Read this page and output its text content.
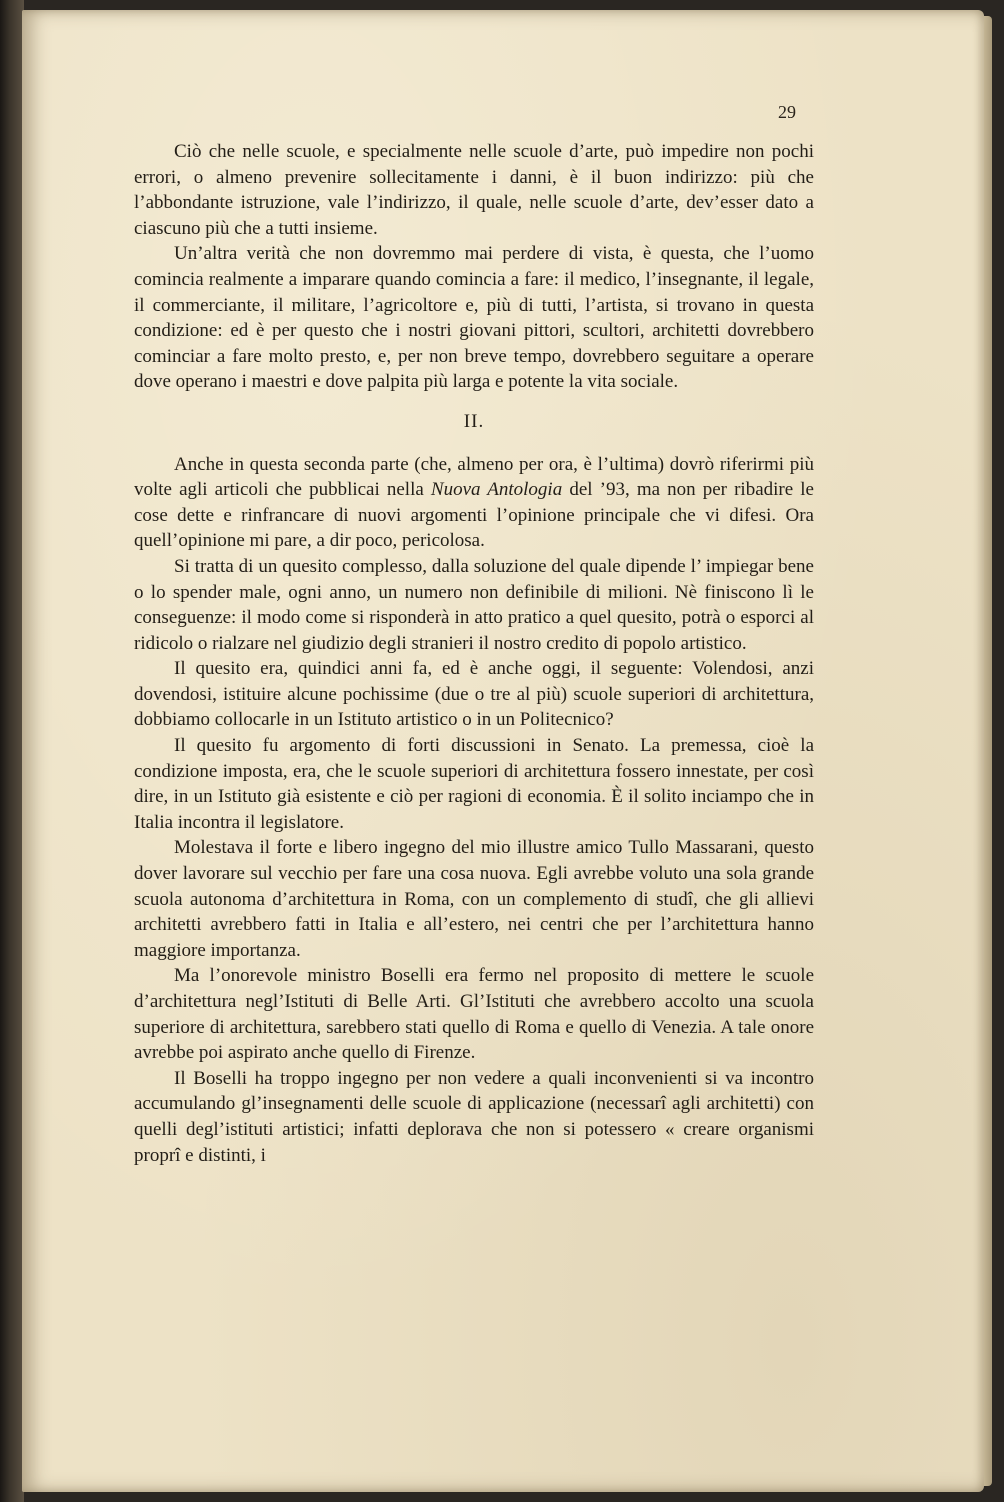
29

Ciò che nelle scuole, e specialmente nelle scuole d’arte, può impedire non pochi errori, o almeno prevenire sollecitamente i danni, è il buon indirizzo: più che l’abbondante istruzione, vale l’indirizzo, il quale, nelle scuole d’arte, dev’esser dato a ciascuno più che a tutti insieme.

Un’altra verità che non dovremmo mai perdere di vista, è questa, che l’uomo comincia realmente a imparare quando comincia a fare: il medico, l’insegnante, il legale, il commerciante, il militare, l’agricoltore e, più di tutti, l’artista, si trovano in questa condizione: ed è per questo che i nostri giovani pittori, scultori, architetti dovrebbero cominciar a fare molto presto, e, per non breve tempo, dovrebbero seguitare a operare dove operano i maestri e dove palpita più larga e potente la vita sociale.

II.

Anche in questa seconda parte (che, almeno per ora, è l’ultima) dovrò riferirmi più volte agli articoli che pubblicai nella Nuova Antologia del ’93, ma non per ribadire le cose dette e rinfrancare di nuovi argomenti l’opinione principale che vi difesi. Ora quell’opinione mi pare, a dir poco, pericolosa.

Si tratta di un quesito complesso, dalla soluzione del quale dipende l’ impiegar bene o lo spender male, ogni anno, un numero non definibile di milioni. Nè finiscono lì le conseguenze: il modo come si risponderà in atto pratico a quel quesito, potrà o esporci al ridicolo o rialzare nel giudizio degli stranieri il nostro credito di popolo artistico.

Il quesito era, quindici anni fa, ed è anche oggi, il seguente: Volendosi, anzi dovendosi, istituire alcune pochissime (due o tre al più) scuole superiori di architettura, dobbiamo collocarle in un Istituto artistico o in un Politecnico?

Il quesito fu argomento di forti discussioni in Senato. La premessa, cioè la condizione imposta, era, che le scuole superiori di architettura fossero innestate, per così dire, in un Istituto già esistente e ciò per ragioni di economia. È il solito inciampo che in Italia incontra il legislatore.

Molestava il forte e libero ingegno del mio illustre amico Tullo Massarani, questo dover lavorare sul vecchio per fare una cosa nuova. Egli avrebbe voluto una sola grande scuola autonoma d’architettura in Roma, con un complemento di studî, che gli allievi architetti avrebbero fatti in Italia e all’estero, nei centri che per l’architettura hanno maggiore importanza.

Ma l’onorevole ministro Boselli era fermo nel proposito di mettere le scuole d’architettura negl’Istituti di Belle Arti. Gl’Istituti che avrebbero accolto una scuola superiore di architettura, sarebbero stati quello di Roma e quello di Venezia. A tale onore avrebbe poi aspirato anche quello di Firenze.

Il Boselli ha troppo ingegno per non vedere a quali inconvenienti si va incontro accumulando gl’insegnamenti delle scuole di applicazione (necessarî agli architetti) con quelli degl’istituti artistici; infatti deplorava che non si potessero « creare organismi proprî e distinti, i
